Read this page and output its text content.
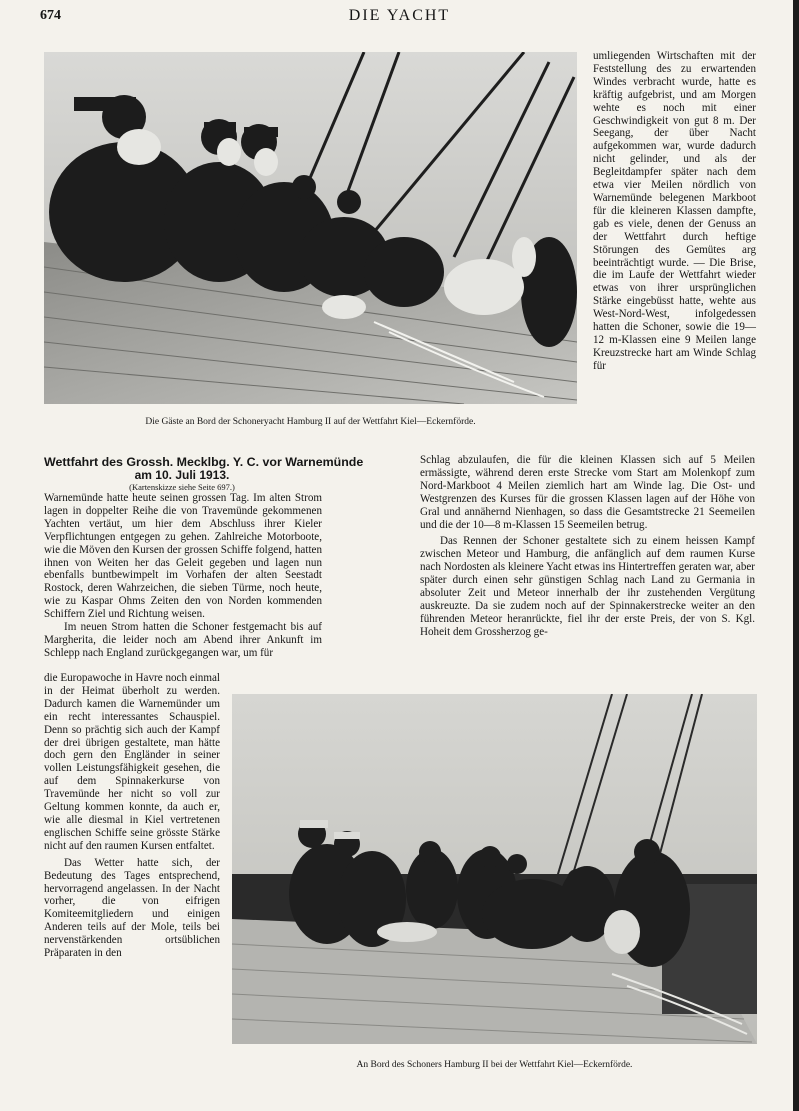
674	DIE YACHT
Die Gäste an Bord der Schoneryacht Hamburg II auf der Wettfahrt Kiel—Eckernförde.

umliegenden Wirtschaften mit der Feststellung des zu erwartenden Windes verbracht wurde, hatte es kräftig aufgebrist, und am Morgen wehte es noch mit einer Geschwindigkeit von gut 8 m. Der Seegang, der über Nacht aufgekommen war, wurde dadurch nicht gelinder, und als der Begleitdampfer später nach dem etwa vier Meilen nördlich von Warnemünde belegenen Markboot für die kleineren Klassen dampfte, gab es viele, denen der Genuss an der Wettfahrt durch heftige Störungen des Gemütes arg beeinträchtigt wurde. — Die Brise, die im Laufe der Wettfahrt wieder etwas von ihrer ursprünglichen Stärke eingebüsst hatte, wehte aus West-Nord-West, infolgedessen hatten die Schoner, sowie die 19—12 m-Klassen eine 9 Meilen lange Kreuzstrecke hart am Winde Schlag für

Wettfahrt des Grossh. Mecklbg. Y. C. vor Warnemünde
am 10. Juli 1913.
(Kartenskizze siehe Seite 697.)

Warnemünde hatte heute seinen grossen Tag. Im alten Strom lagen in doppelter Reihe die von Travemünde gekommenen Yachten vertäut, um hier dem Abschluss ihrer Kieler Verpflichtungen entgegen zu gehen. Zahlreiche Motorboote, wie die Möven den Kursen der grossen Schiffe folgend, hatten ihnen von Weiten her das Geleit gegeben und lagen nun ebenfalls buntbewimpelt im Vorhafen der alten Seestadt Rostock, deren Wahrzeichen, die sieben Türme, noch heute, wie zu Kaspar Ohms Zeiten den von Norden kommenden Schiffern Ziel und Richtung weisen.

Im neuen Strom hatten die Schoner festgemacht bis auf Margherita, die leider noch am Abend ihrer Ankunft im Schlepp nach England zurückgegangen war, um für

die Europawoche in Havre noch einmal in der Heimat überholt zu werden. Dadurch kamen die Warnemünder um ein recht interessantes Schauspiel. Denn so prächtig sich auch der Kampf der drei übrigen gestaltete, man hätte doch gern den Engländer in seiner vollen Leistungsfähigkeit gesehen, die auf dem Spinnakerkurse von Travemünde her nicht so voll zur Geltung kommen konnte, da auch er, wie alle diesmal in Kiel vertretenen englischen Schiffe seine grösste Stärke nicht auf den raumen Kursen entfaltet.

Das Wetter hatte sich, der Bedeutung des Tages entsprechend, hervorragend angelassen. In der Nacht vorher, die von eifrigen Komiteemitgliedern und einigen Anderen teils auf der Mole, teils bei nervenstärkenden ortsüblichen Präparaten in den

Schlag abzulaufen, die für die kleinen Klassen sich auf 5 Meilen ermässigte, während deren erste Strecke vom Start am Molenkopf zum Nord-Markboot 4 Meilen ziemlich hart am Winde lag. Die Ost- und Westgrenzen des Kurses für die grossen Klassen lagen auf der Höhe von Gral und annähernd Nienhagen, so dass die Gesamtstrecke 21 Seemeilen und die der 10—8 m-Klassen 15 Seemeilen betrug.

Das Rennen der Schoner gestaltete sich zu einem heissen Kampf zwischen Meteor und Hamburg, die anfänglich auf dem raumen Kurse nach Nordosten als kleinere Yacht etwas ins Hintertreffen geraten war, aber später durch einen sehr günstigen Schlag nach Land zu Germania in absoluter Zeit und Meteor innerhalb der ihr zustehenden Vergütung auskreuzte. Da sie zudem noch auf der Spinnakerstrecke weiter an den führenden Meteor heranrückte, fiel ihr der erste Preis, der von S. Kgl. Hoheit dem Grossherzog ge-

An Bord des Schoners Hamburg II bei der Wettfahrt Kiel—Eckernförde.
